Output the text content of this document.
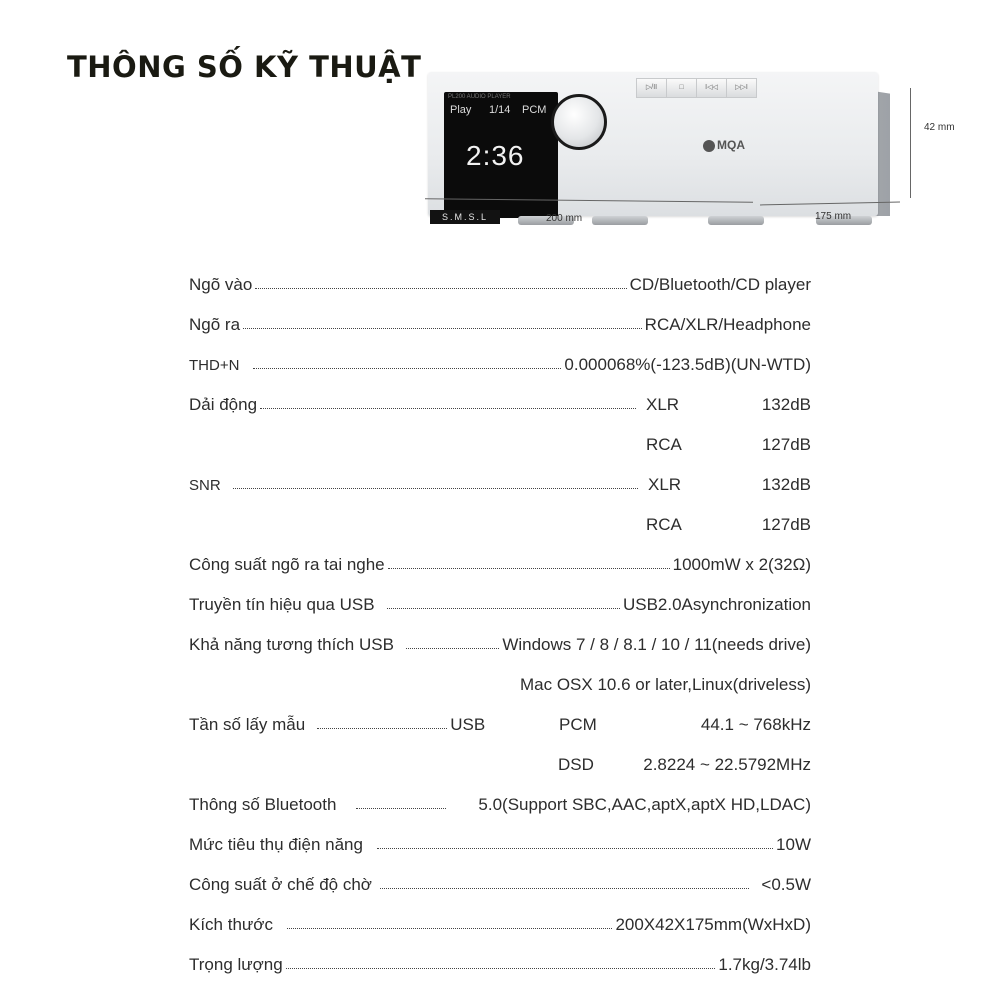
THÔNG SỐ KỸ THUẬT
PL200 AUDIO PLAYER
Play 1/14 PCM
2:36
▷/II	□	I◁◁	▷▷I
MQA
S.M.S.L	200 mm	175 mm
42 mm
Ngõ vào	CD/Bluetooth/CD player
Ngõ ra	RCA/XLR/Headphone
THD+N	0.000068%(-123.5dB)(UN-WTD)
Dải động	XLR	132dB
RCA	127dB
SNR	XLR	132dB
RCA	127dB
Công suất ngõ ra tai nghe	1000mW x 2(32Ω)
Truyền tín hiệu qua USB	USB2.0Asynchronization
Khả năng tương thích USB	Windows 7 / 8 / 8.1 / 10 / 11(needs drive)
Mac OSX 10.6 or later,Linux(driveless)
Tần số lấy mẫu	USB	PCM	44.1 ~ 768kHz
DSD	2.8224 ~ 22.5792MHz
Thông số Bluetooth	5.0(Support SBC,AAC,aptX,aptX HD,LDAC)
Mức tiêu thụ điện năng	10W
Công suất ở chế độ chờ	<0.5W
Kích thước	200X42X175mm(WxHxD)
Trọng lượng	1.7kg/3.74lb
